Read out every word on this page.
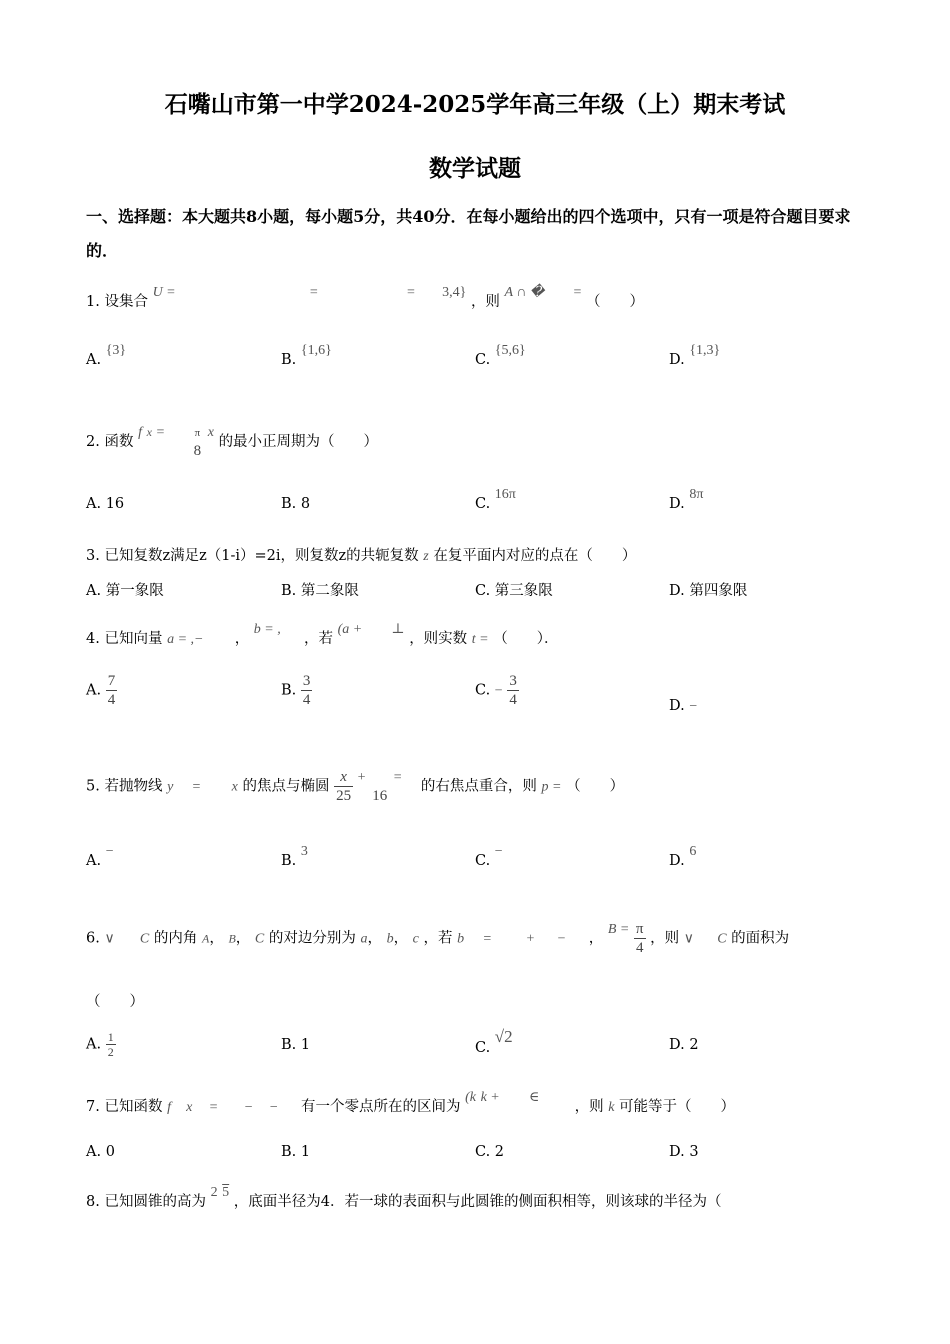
石嘴山市第一中学2024-2025学年高三年级（上）期末考试
数学试题
一、选择题：本大题共8小题，每小题5分，共40分．在每小题给出的四个选项中，只有一项是符合题目要求的．
1. 设集合 U =	=	= 3,4} ，则 A ∩ � = （　　）
A. {3}
B. {1,6}
C. {5,6}
D. {1,3}
2. 函数 f $^x$ =	π
8
x 的最小正周期为（　　）
A. 16	B. 8	C. 16π
D. 8π
3. 已知复数z满足z（1-i）=2i，则复数z的共轭复数 z 在复平面内对应的点在（　　）
A. 第一象限	B. 第二象限	C. 第三象限	D. 第四象限
4. 已知向量 a = ,− ， b = ,  ，若 (a + ⊥ ，则实数 t = （　　）．
A. $\frac{7}{4}$	B. $\frac{3}{4}$	C. − $\frac{3}{4}$	D. −
5. 若抛物线 y = x 的焦点与椭圆 $\frac{x}{25}$ +

16
=  的右焦点重合，则 p = （　　）
A. −
B. 3
C. −
D. 6
6. ∨ C 的内角 A， B， C 的对边分别为 a， b， c ，若 b =	+ − ， $B = \frac{\pi}{4}$ ，则 ∨ C 的面积为
（　　）
A. $\frac{1}{2}$	B. 1	C. √2	D. 2
7. 已知函数 f x = − − 有一个零点所在的区间为 (k k + ∈  ，则 k 可能等于（　　）
A. 0	B. 1	C. 2	D. 3
8. 已知圆锥的高为 2 5 ，底面半径为4．若一球的表面积与此圆锥的侧面积相等，则该球的半径为（
